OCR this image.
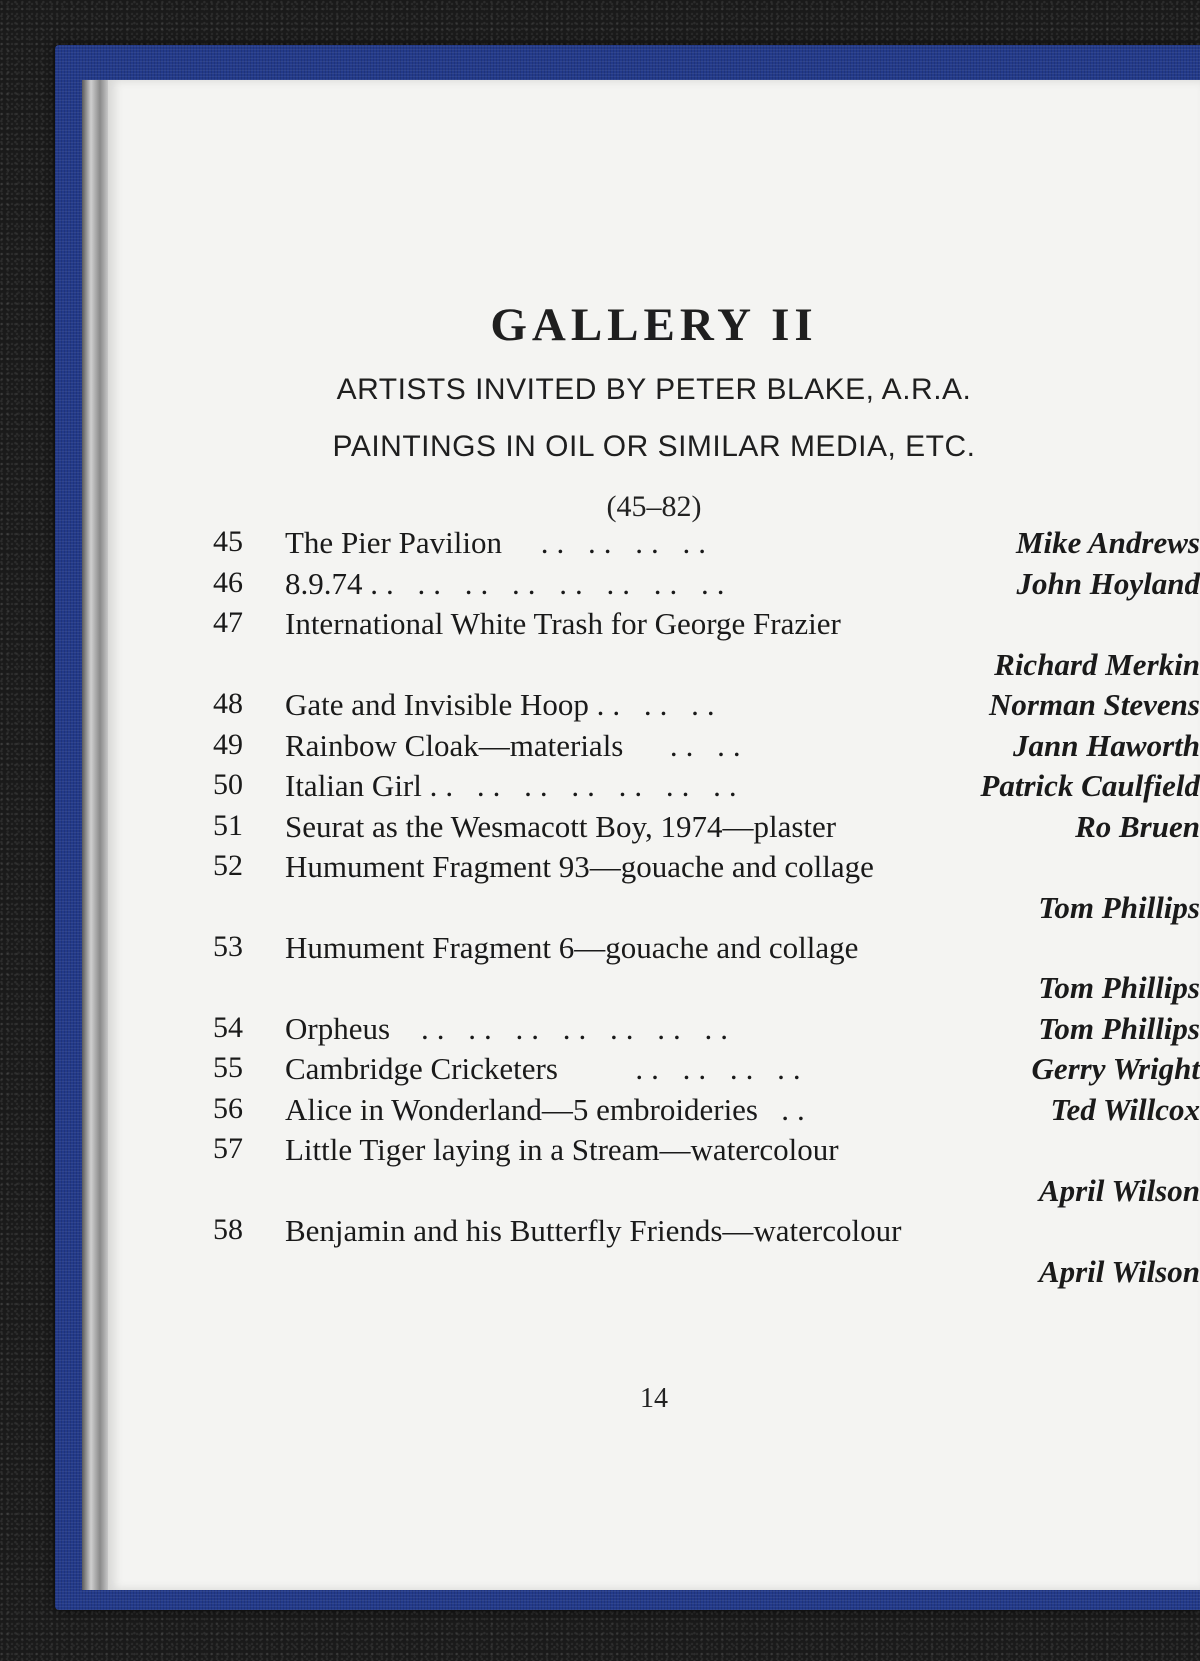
GALLERY II
ARTISTS INVITED BY PETER BLAKE, A.R.A.
PAINTINGS IN OIL OR SIMILAR MEDIA, ETC.
(45–82)
45	The Pier Pavilion .. .. .. ..	Mike Andrews
46	8.9.74 .. .. .. .. .. .. .. ..	John Hoyland
47	International White Trash for George Frazier
Richard Merkin
48	Gate and Invisible Hoop .. .. ..	Norman Stevens
49	Rainbow Cloak—materials .. ..	Jann Haworth
50	Italian Girl .. .. .. .. .. .. ..	Patrick Caulfield
51	Seurat as the Wesmacott Boy, 1974—plaster	Ro Bruen
52	Humument Fragment 93—gouache and collage
Tom Phillips
53	Humument Fragment 6—gouache and collage
Tom Phillips
54	Orpheus .. .. .. .. .. .. ..	Tom Phillips
55	Cambridge Cricketers	.. .. .. ..	Gerry Wright
56	Alice in Wonderland—5 embroideries ..	Ted Willcox
57	Little Tiger laying in a Stream—watercolour
April Wilson
58	Benjamin and his Butterfly Friends—watercolour
April Wilson
14
